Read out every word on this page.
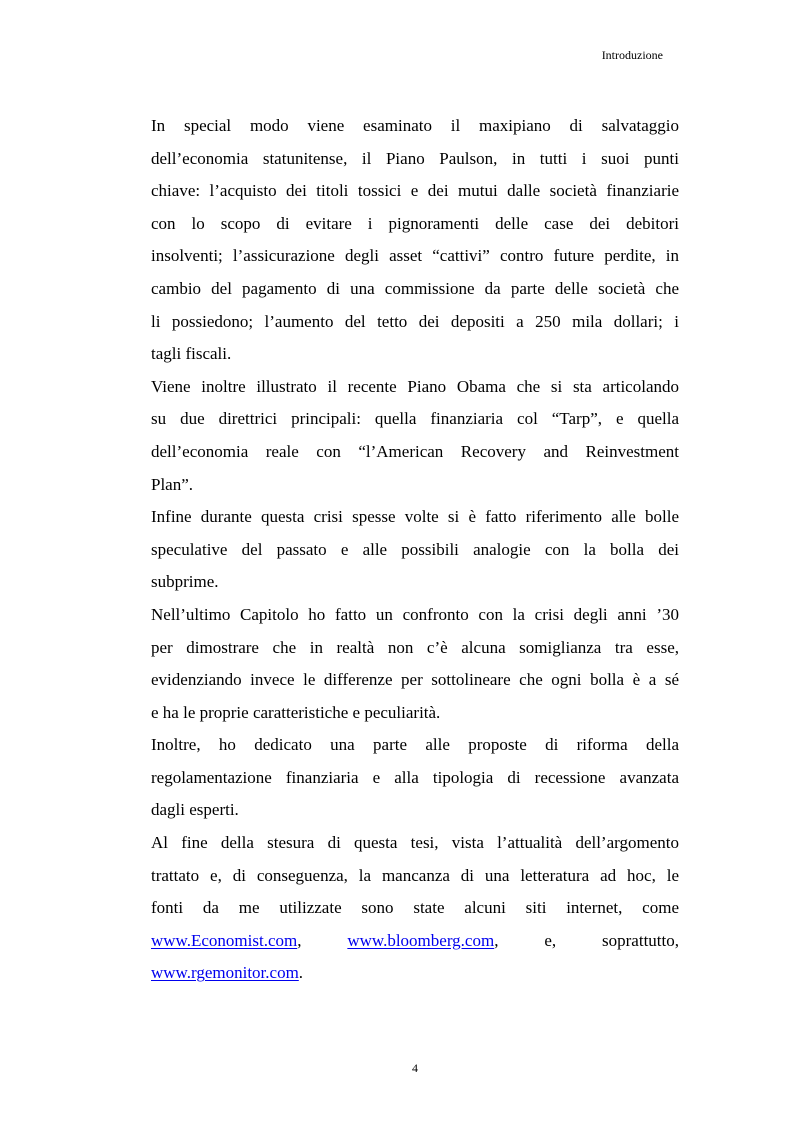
Introduzione
In special modo viene esaminato il maxipiano di salvataggio
dell’economia statunitense, il Piano Paulson, in tutti i suoi punti
chiave: l’acquisto dei titoli tossici e dei mutui dalle società finanziarie
con lo scopo di evitare i pignoramenti delle case dei debitori
insolventi; l’assicurazione degli asset “cattivi” contro future perdite, in
cambio del pagamento di una commissione da parte delle società che
li possiedono; l’aumento del tetto dei depositi a 250 mila dollari; i
tagli fiscali.
Viene inoltre illustrato il recente Piano Obama che si sta articolando
su due direttrici principali: quella finanziaria col “Tarp”, e quella
dell’economia reale con “l’American Recovery and Reinvestment
Plan”.
Infine durante questa crisi spesse volte si è fatto riferimento alle bolle
speculative del passato e alle possibili analogie con la bolla dei
subprime.
Nell’ultimo Capitolo ho fatto un confronto con la crisi degli anni ’30
per dimostrare che in realtà non c’è alcuna somiglianza tra esse,
evidenziando invece le differenze per sottolineare che ogni bolla è a sé
e ha le proprie caratteristiche e peculiarità.
Inoltre, ho dedicato una parte alle proposte di riforma della
regolamentazione finanziaria e alla tipologia di recessione avanzata
dagli esperti.
Al fine della stesura di questa tesi, vista l’attualità dell’argomento
trattato e, di conseguenza, la mancanza di una letteratura ad hoc, le
fonti da me utilizzate sono state alcuni siti internet, come
www.Economist.com,	www.bloomberg.com,	e,	soprattutto,
www.rgemonitor.com.
4
